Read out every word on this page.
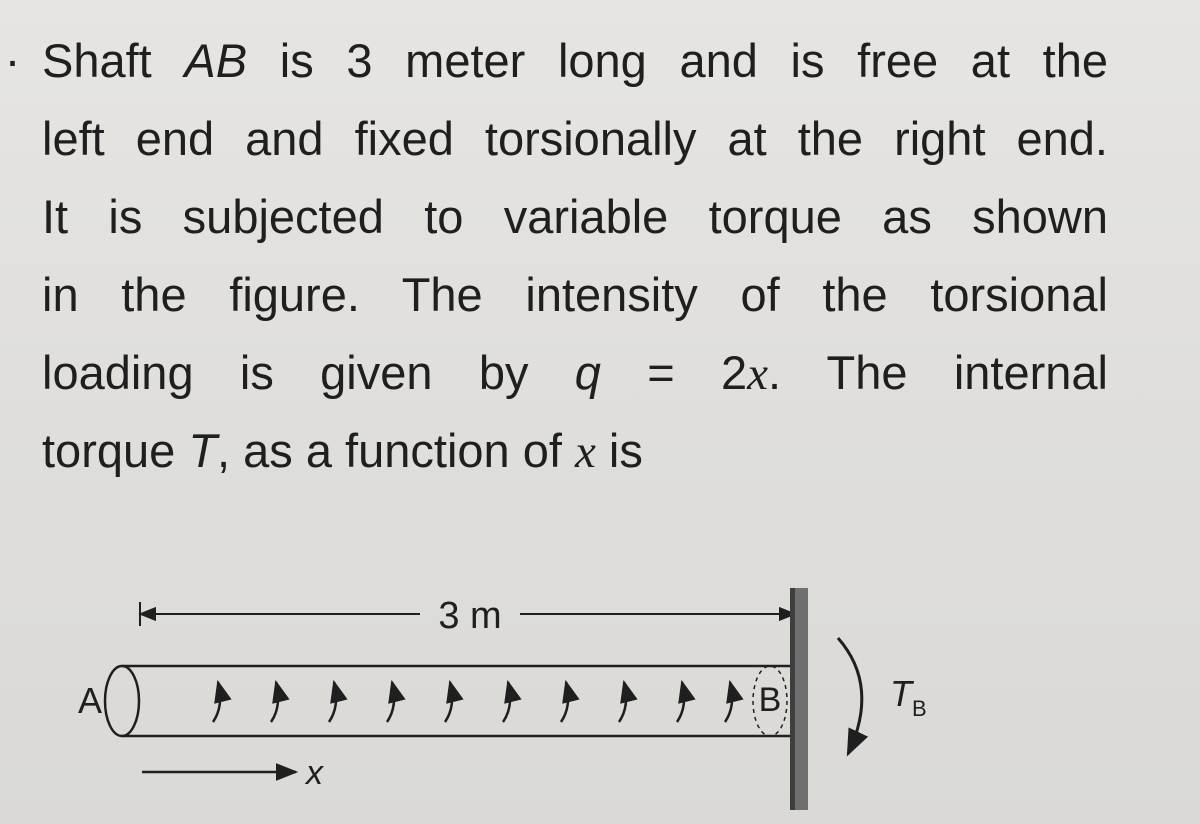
. Shaft AB is 3 meter long and is free at the
left end and fixed torsionally at the right end.
It is subjected to variable torque as shown
in the figure. The intensity of the torsional
loading is given by q = 2x. The internal
torque T, as a function of x is
3 m
A	B	$T_B$
x
